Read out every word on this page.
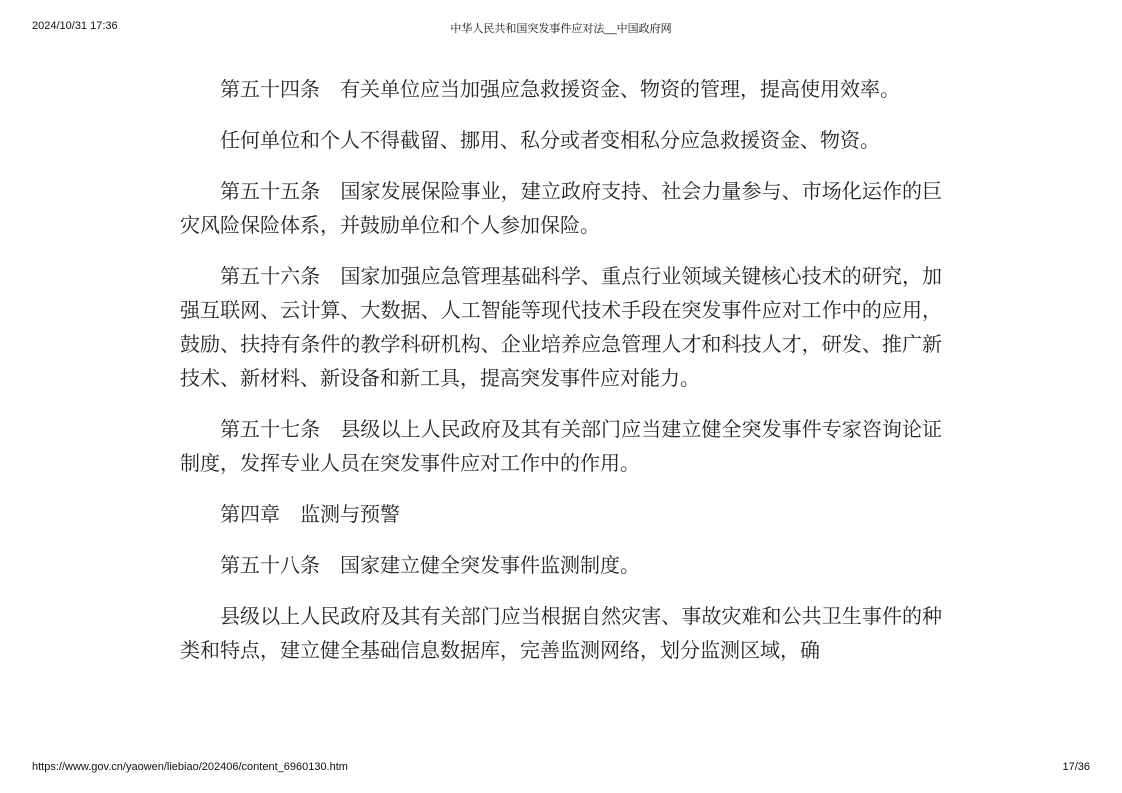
2024/10/31 17:36	中华人民共和国突发事件应对法__中国政府网

第五十四条　有关单位应当加强应急救援资金、物资的管理，提高使用效率。

任何单位和个人不得截留、挪用、私分或者变相私分应急救援资金、物资。

第五十五条　国家发展保险事业，建立政府支持、社会力量参与、市场化运作的巨灾风险保险体系，并鼓励单位和个人参加保险。

第五十六条　国家加强应急管理基础科学、重点行业领域关键核心技术的研究，加强互联网、云计算、大数据、人工智能等现代技术手段在突发事件应对工作中的应用，鼓励、扶持有条件的教学科研机构、企业培养应急管理人才和科技人才，研发、推广新技术、新材料、新设备和新工具，提高突发事件应对能力。

第五十七条　县级以上人民政府及其有关部门应当建立健全突发事件专家咨询论证制度，发挥专业人员在突发事件应对工作中的作用。

第四章　监测与预警

第五十八条　国家建立健全突发事件监测制度。

县级以上人民政府及其有关部门应当根据自然灾害、事故灾难和公共卫生事件的种类和特点，建立健全基础信息数据库，完善监测网络，划分监测区域，确

https://www.gov.cn/yaowen/liebiao/202406/content_6960130.htm	17/36
